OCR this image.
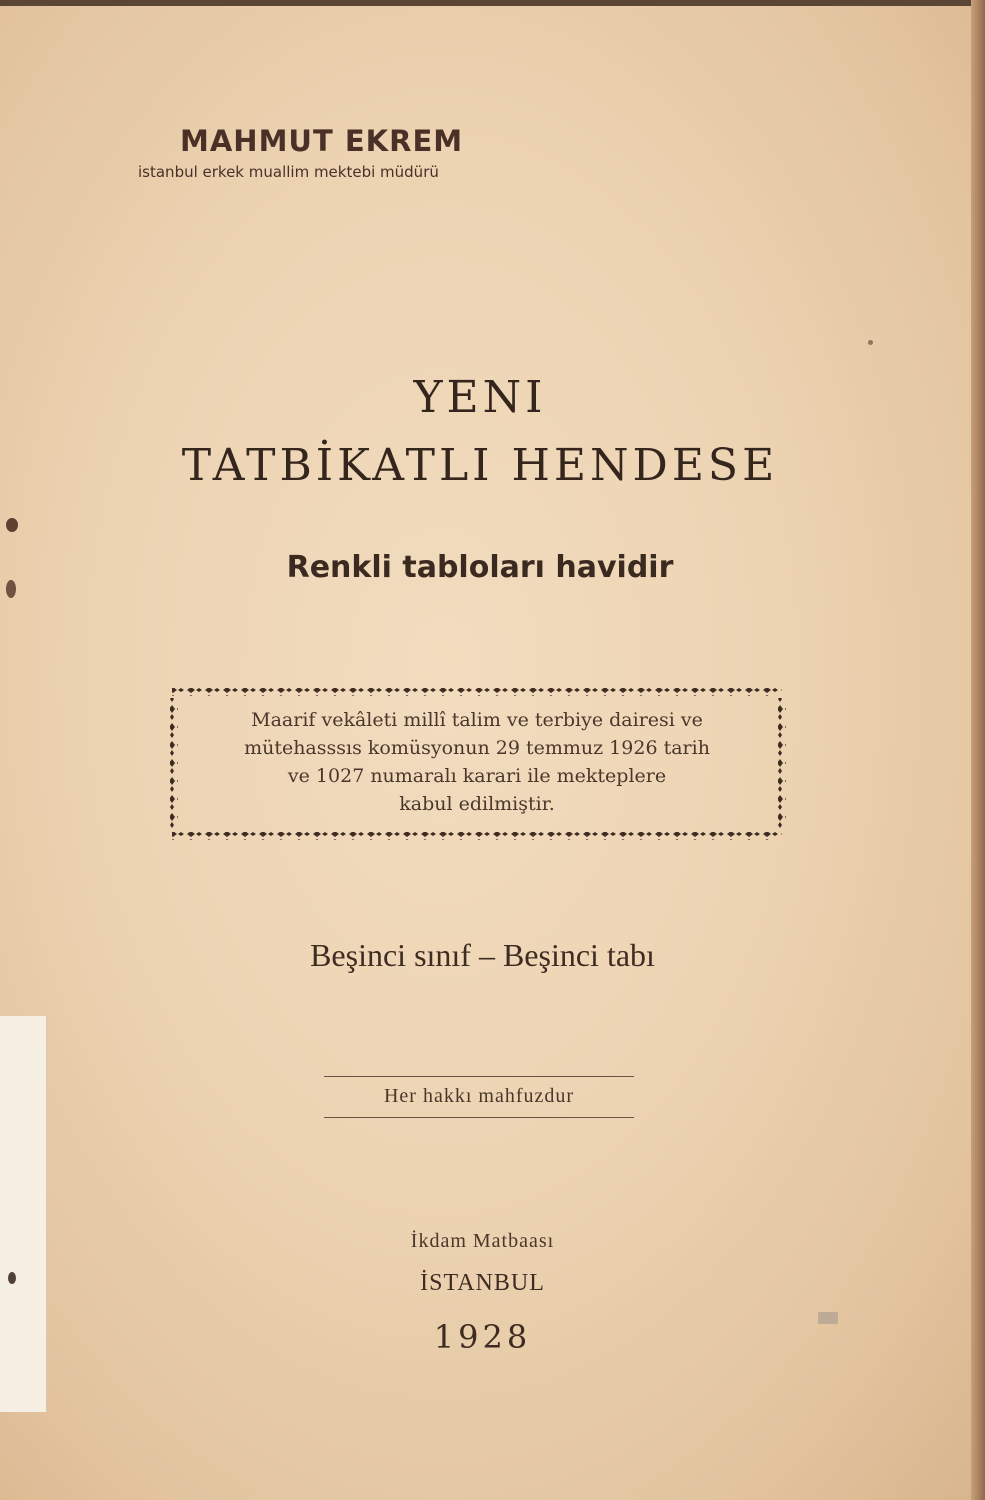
MAHMUT EKREM
istanbul erkek muallim mektebi müdürü
YENI
TATBİKATLI HENDESE
Renkli tabloları havidir
Maarif vekâleti millî talim ve terbiye dairesi ve
mütehasssıs komüsyonun 29 temmuz 1926 tarih
ve 1027 numaralı karari ile mekteplere
kabul edilmiştir.
Beşinci sınıf – Beşinci tabı
Her hakkı mahfuzdur
İkdam Matbaası
İSTANBUL
1928
